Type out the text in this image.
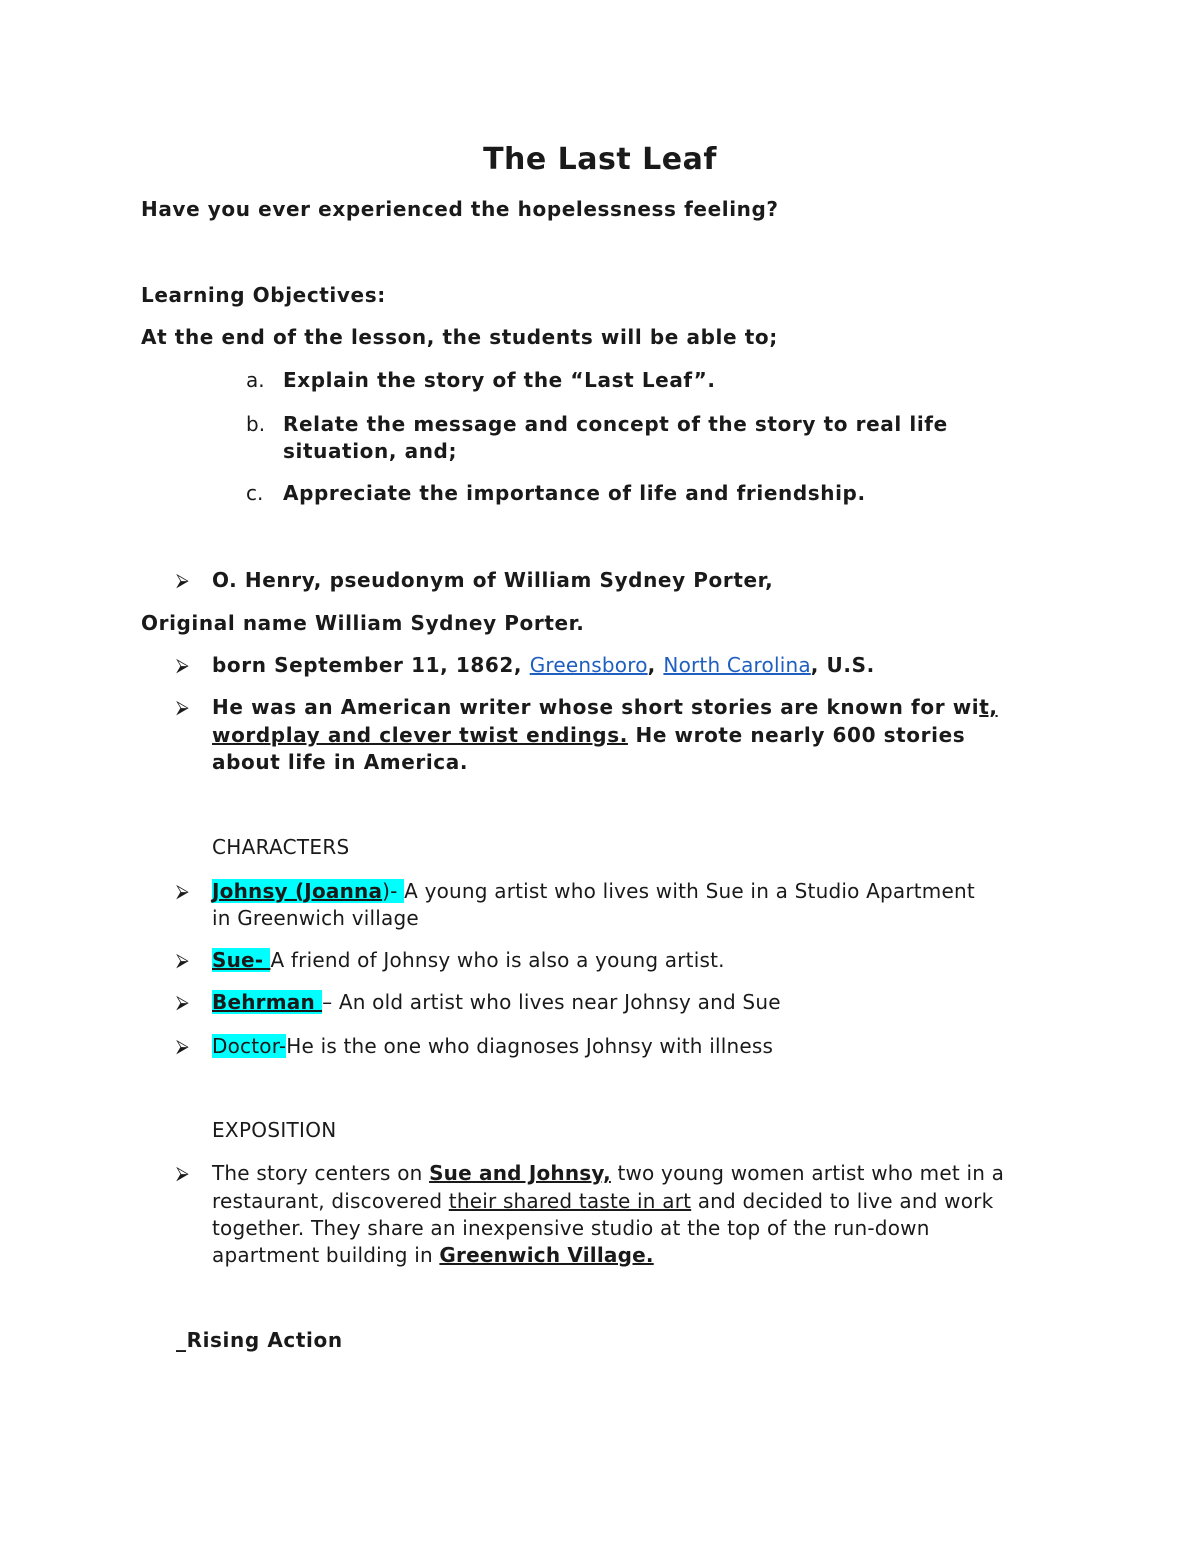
The Last Leaf
Have you ever experienced the hopelessness feeling?
Learning Objectives:
At the end of the lesson, the students will be able to;
a. Explain the story of the “Last Leaf”.
b. Relate the message and concept of the story to real life
situation, and;
c. Appreciate the importance of life and friendship.
⮚ O. Henry, pseudonym of William Sydney Porter,
Original name William Sydney Porter.
⮚ born September 11, 1862, Greensboro, North Carolina, U.S.
⮚ He was an American writer whose short stories are known for wit,
wordplay and clever twist endings. He wrote nearly 600 stories
about life in America.
CHARACTERS
⮚ Johnsy (Joanna)- A young artist who lives with Sue in a Studio Apartment
in Greenwich village
⮚ Sue- A friend of Johnsy who is also a young artist.
⮚ Behrman – An old artist who lives near Johnsy and Sue
⮚ Doctor-He is the one who diagnoses Johnsy with illness
EXPOSITION
⮚ The story centers on Sue and Johnsy, two young women artist who met in a
restaurant, discovered their shared taste in art and decided to live and work
together. They share an inexpensive studio at the top of the run-down
apartment building in Greenwich Village.
_Rising Action
